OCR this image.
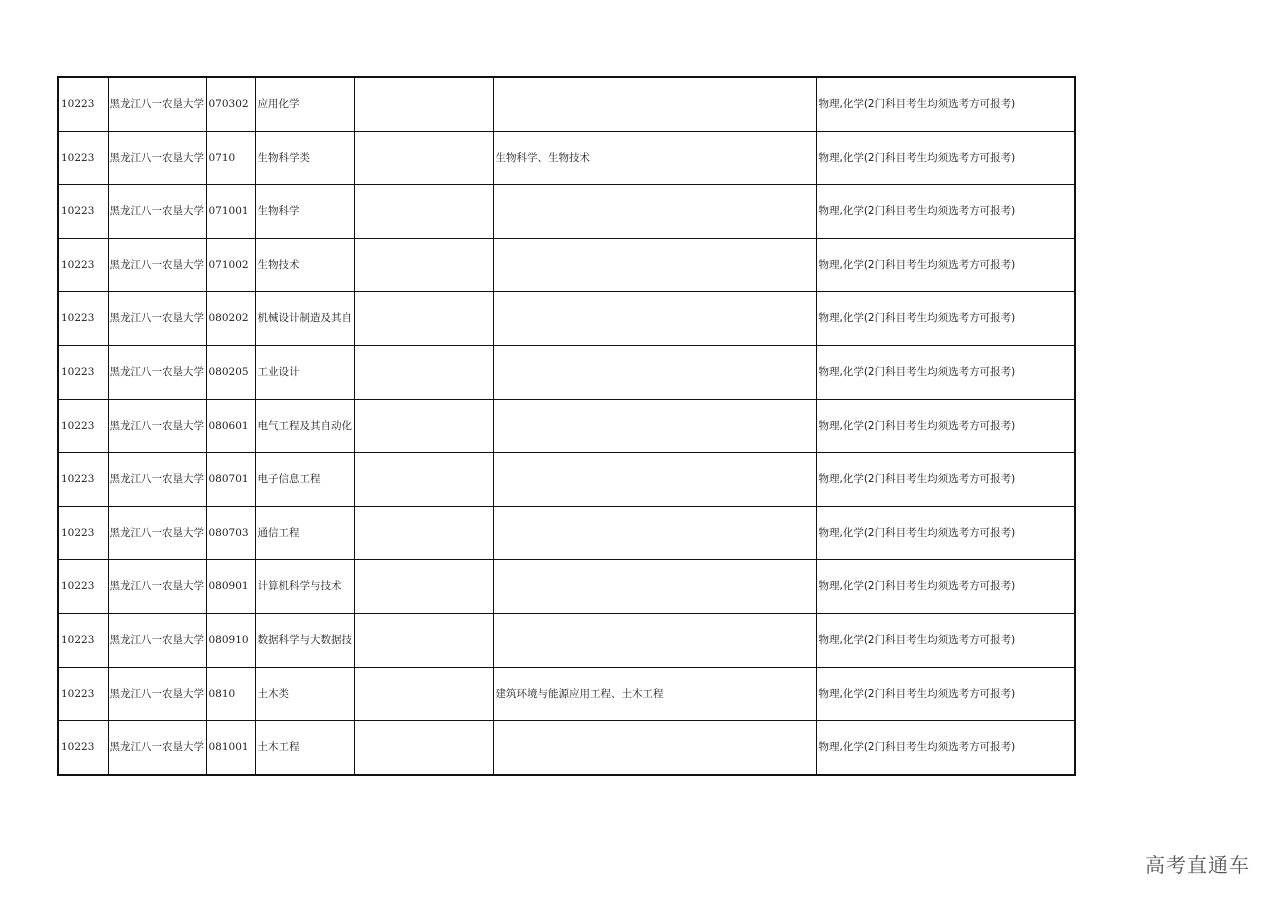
10223	黑龙江八一农垦大学	070302	应用化学			物理,化学(2门科目考生均须选考方可报考)
10223	黑龙江八一农垦大学	0710	生物科学类		生物科学、生物技术	物理,化学(2门科目考生均须选考方可报考)
10223	黑龙江八一农垦大学	071001	生物科学			物理,化学(2门科目考生均须选考方可报考)
10223	黑龙江八一农垦大学	071002	生物技术			物理,化学(2门科目考生均须选考方可报考)
10223	黑龙江八一农垦大学	080202	机械设计制造及其自			物理,化学(2门科目考生均须选考方可报考)
10223	黑龙江八一农垦大学	080205	工业设计			物理,化学(2门科目考生均须选考方可报考)
10223	黑龙江八一农垦大学	080601	电气工程及其自动化			物理,化学(2门科目考生均须选考方可报考)
10223	黑龙江八一农垦大学	080701	电子信息工程			物理,化学(2门科目考生均须选考方可报考)
10223	黑龙江八一农垦大学	080703	通信工程			物理,化学(2门科目考生均须选考方可报考)
10223	黑龙江八一农垦大学	080901	计算机科学与技术			物理,化学(2门科目考生均须选考方可报考)
10223	黑龙江八一农垦大学	080910	数据科学与大数据技			物理,化学(2门科目考生均须选考方可报考)
10223	黑龙江八一农垦大学	0810	土木类		建筑环境与能源应用工程、土木工程	物理,化学(2门科目考生均须选考方可报考)
10223	黑龙江八一农垦大学	081001	土木工程			物理,化学(2门科目考生均须选考方可报考)
高考直通车
